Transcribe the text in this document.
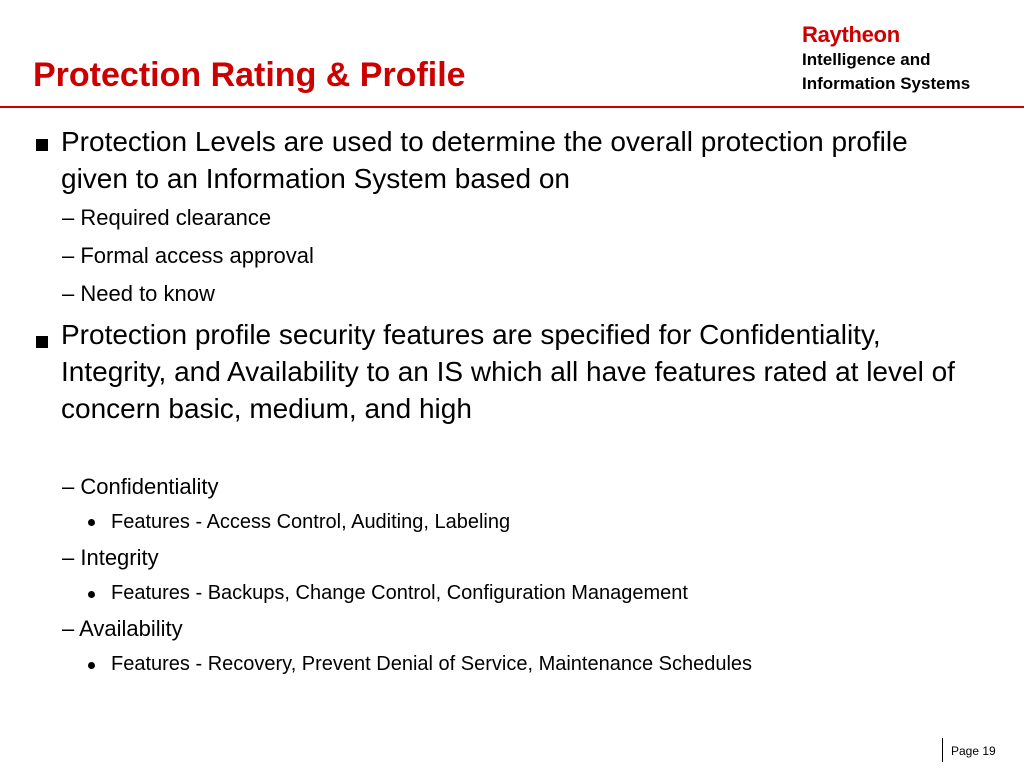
Protection Rating & Profile
Raytheon
Intelligence and
Information Systems
Protection Levels are used to determine the overall protection profile given to an Information System based on
– Required clearance
– Formal access approval
– Need to know
Protection profile security features are specified for Confidentiality, Integrity, and Availability to an IS which all have features rated at level of concern basic, medium, and high
– Confidentiality
Features - Access Control, Auditing, Labeling
– Integrity
Features - Backups, Change Control, Configuration Management
– Availability
Features - Recovery, Prevent Denial of Service, Maintenance Schedules
Page 19
